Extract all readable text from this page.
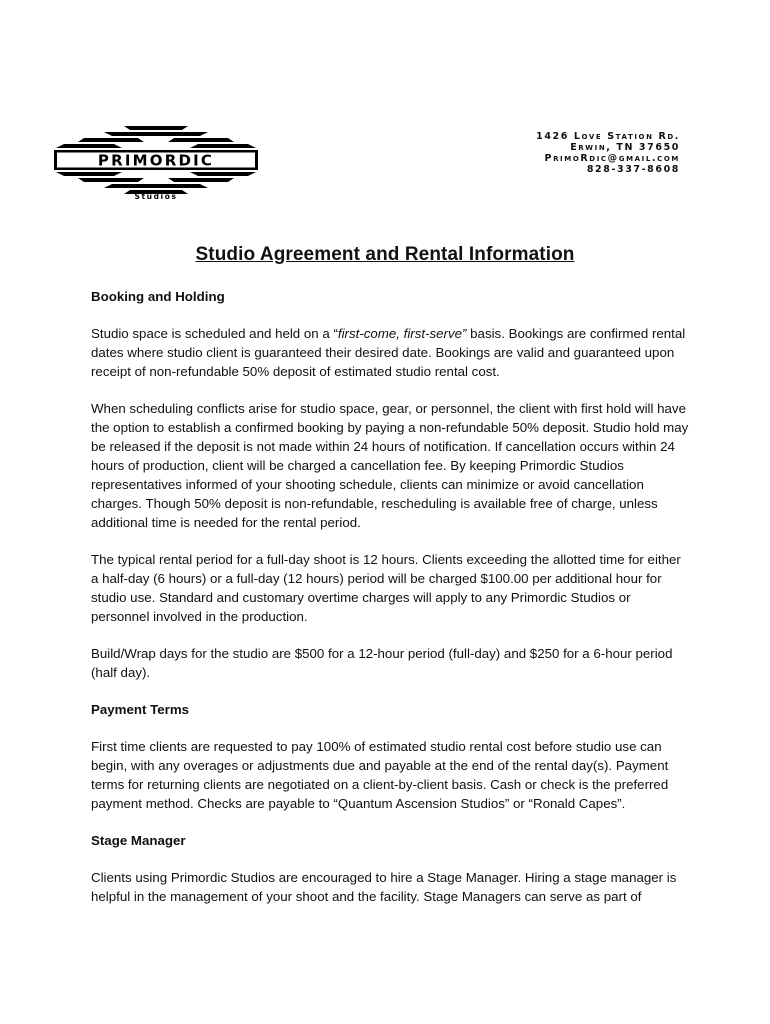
PRIMORDIC
Studios
1426 Love Station Rd.
Erwin, TN 37650
PrimoRdic@gmail.com
828-337-8608
Studio Agreement and Rental Information
Booking and Holding

Studio space is scheduled and held on a “first-come, first-serve” basis. Bookings are confirmed rental dates where studio client is guaranteed their desired date. Bookings are valid and guaranteed upon receipt of non-refundable 50% deposit of estimated studio rental cost.

When scheduling conflicts arise for studio space, gear, or personnel, the client with first hold will have the option to establish a confirmed booking by paying a non-refundable 50% deposit. Studio hold may be released if the deposit is not made within 24 hours of notification. If cancellation occurs within 24 hours of production, client will be charged a cancellation fee. By keeping Primordic Studios representatives informed of your shooting schedule, clients can minimize or avoid cancellation charges. Though 50% deposit is non-refundable, rescheduling is available free of charge, unless additional time is needed for the rental period.

The typical rental period for a full-day shoot is 12 hours. Clients exceeding the allotted time for either a half-day (6 hours) or a full-day (12 hours) period will be charged $100.00 per additional hour for studio use. Standard and customary overtime charges will apply to any Primordic Studios or personnel involved in the production.

Build/Wrap days for the studio are $500 for a 12-hour period (full-day) and $250 for a 6-hour period (half day).

Payment Terms

First time clients are requested to pay 100% of estimated studio rental cost before studio use can begin, with any overages or adjustments due and payable at the end of the rental day(s). Payment terms for returning clients are negotiated on a client-by-client basis. Cash or check is the preferred payment method. Checks are payable to “Quantum Ascension Studios” or “Ronald Capes”.

Stage Manager

Clients using Primordic Studios are encouraged to hire a Stage Manager. Hiring a stage manager is helpful in the management of your shoot and the facility. Stage Managers can serve as part of
